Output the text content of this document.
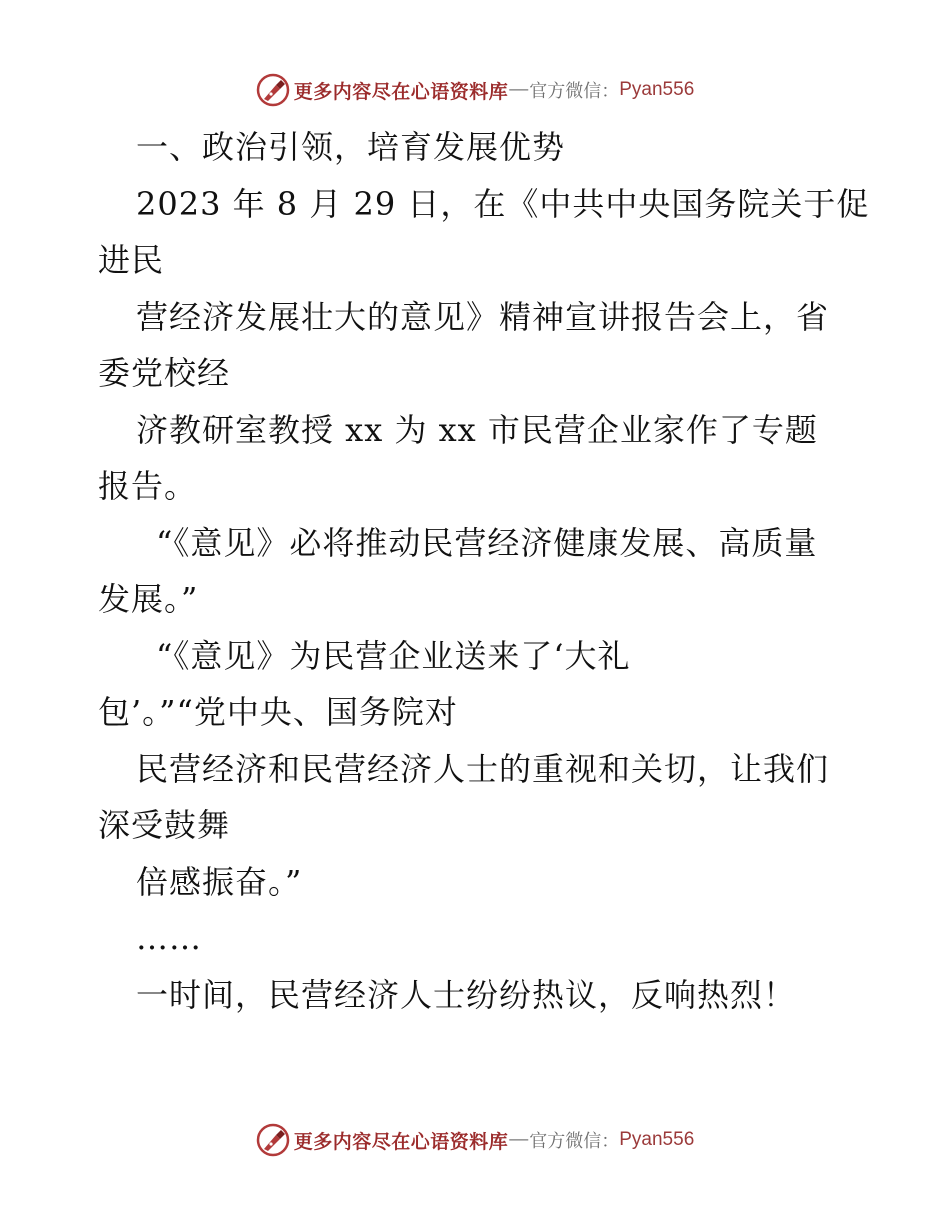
更多内容尽在心语资料库 — 官方微信： Pyan556
一、政治引领，培育发展优势
2023 年 8 月 29 日，在《中共中央国务院关于促
进民
营经济发展壮大的意见》精神宣讲报告会上，省
委党校经
济教研室教授 xx 为 xx 市民营企业家作了专题
报告。
“《意见》必将推动民营经济健康发展、高质量
发展。”
“《意见》为民营企业送来了‘大礼
包’。”“党中央、国务院对
民营经济和民营经济人士的重视和关切，让我们
深受鼓舞
倍感振奋。”
……
一时间，民营经济人士纷纷热议，反响热烈！
更多内容尽在心语资料库 — 官方微信： Pyan556
